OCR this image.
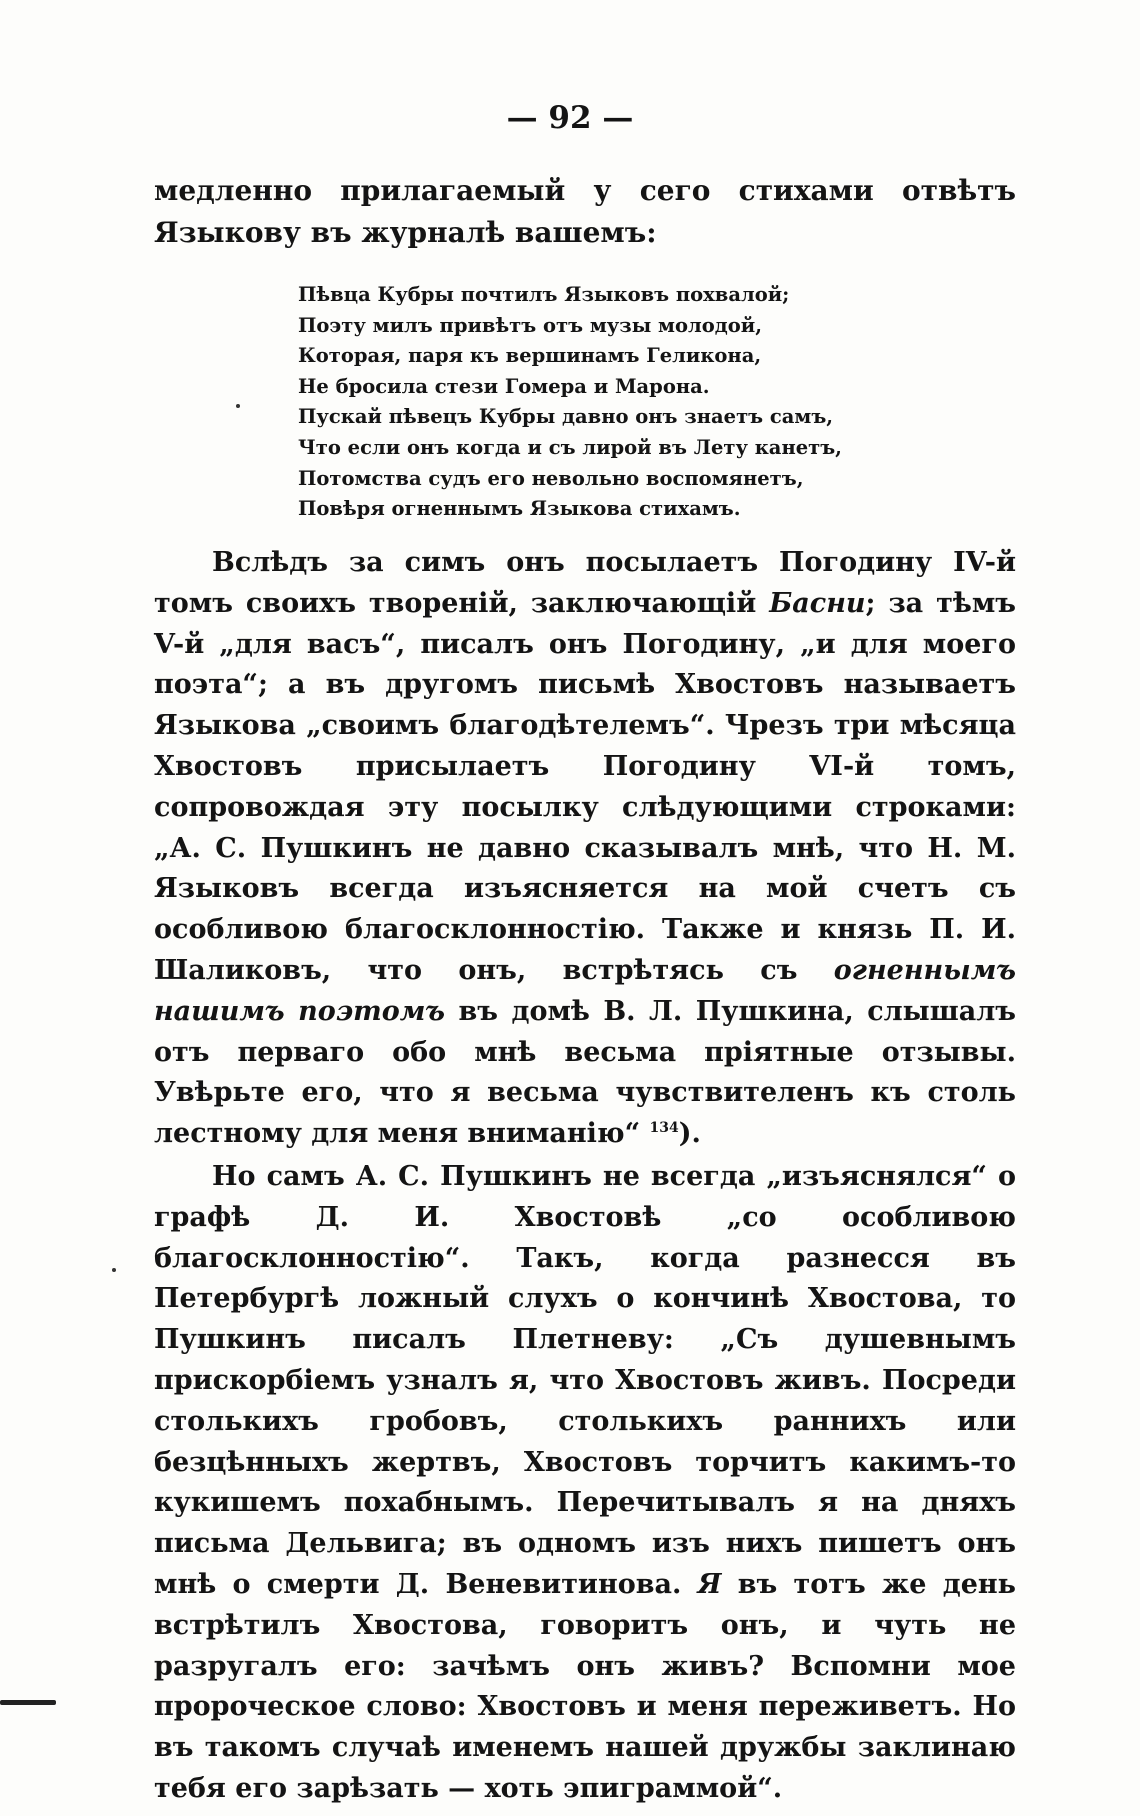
— 92 —
медленно прилагаемый у сего стихами отвѣтъ Языкову въ журналѣ вашемъ:
Пѣвца Кубры почтилъ Языковъ похвалой;
Поэту милъ привѣтъ отъ музы молодой,
Которая, паря къ вершинамъ Геликона,
Не бросила стези Гомера и Марона.
Пускай пѣвецъ Кубры давно онъ знаетъ самъ,
Что если онъ когда и съ лирой въ Лету канетъ,
Потомства судъ его невольно воспомянетъ,
Повѣря огненнымъ Языкова стихамъ.

Вслѣдъ за симъ онъ посылаетъ Погодину IV-й томъ своихъ твореній, заключающій Басни; за тѣмъ V-й „для васъ“, писалъ онъ Погодину, „и для моего поэта“; а въ другомъ письмѣ Хвостовъ называетъ Языкова „своимъ благодѣтелемъ“. Чрезъ три мѣсяца Хвостовъ присылаетъ Погодину VI-й томъ, сопровождая эту посылку слѣдующими строками: „А. С. Пушкинъ не давно сказывалъ мнѣ, что Н. М. Языковъ всегда изъясняется на мой счетъ съ особливою благосклонностію. Также и князь П. И. Шаликовъ, что онъ, встрѣтясь съ огненнымъ нашимъ поэтомъ въ домѣ В. Л. Пушкина, слышалъ отъ перваго обо мнѣ весьма пріятные отзывы. Увѣрьте его, что я весьма чувствителенъ къ столь лестному для меня вниманію“ $^{134}$).

Но самъ А. С. Пушкинъ не всегда „изъяснялся“ о графѣ Д. И. Хвостовѣ „со особливою благосклонностію“. Такъ, когда разнесся въ Петербургѣ ложный слухъ о кончинѣ Хвостова, то Пушкинъ писалъ Плетневу: „Съ душевнымъ прискорбіемъ узналъ я, что Хвостовъ живъ. Посреди столькихъ гробовъ, столькихъ раннихъ или безцѣнныхъ жертвъ, Хвостовъ торчитъ какимъ-то кукишемъ похабнымъ. Перечитывалъ я на дняхъ письма Дельвига; въ одномъ изъ нихъ пишетъ онъ мнѣ о смерти Д. Веневитинова. Я въ тотъ же день встрѣтилъ Хвостова, говоритъ онъ, и чуть не разругалъ его: зачѣмъ онъ живъ? Вспомни мое пророческое слово: Хвостовъ и меня переживетъ. Но въ такомъ случаѣ именемъ нашей дружбы заклинаю тебя его зарѣзать — хоть эпиграммой“.
